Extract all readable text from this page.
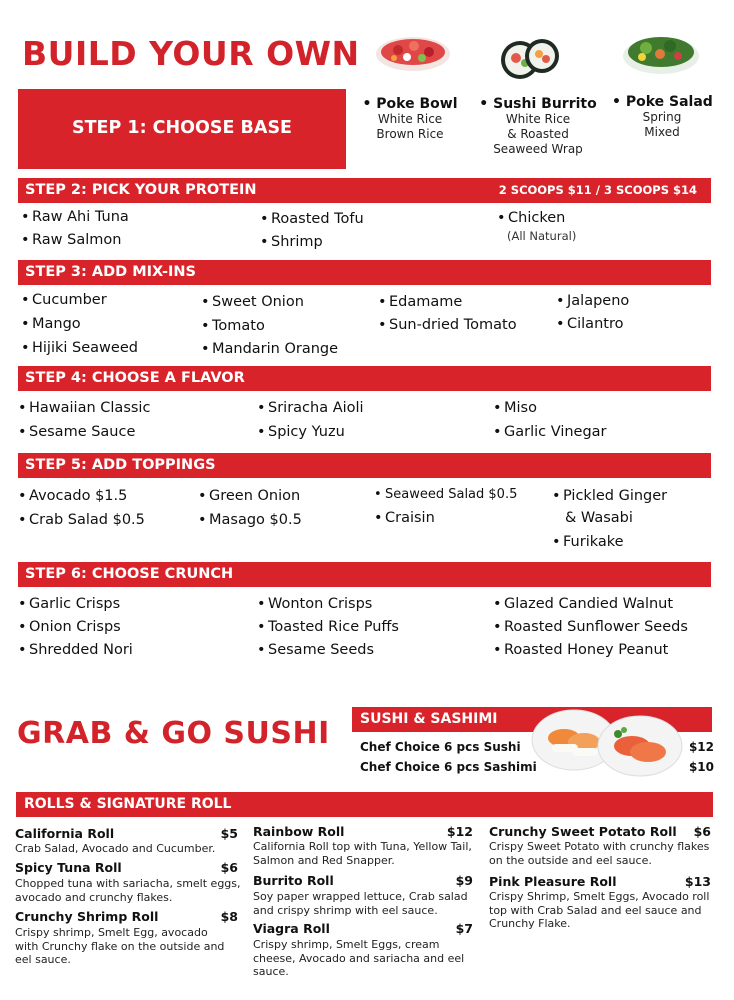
BUILD YOUR OWN
STEP 1: CHOOSE BASE
• Poke Bowl
White Rice
Brown Rice
• Sushi Burrito
White Rice
& Roasted
Seaweed Wrap
• Poke Salad
Spring
Mixed
STEP 2: PICK YOUR PROTEIN	2 SCOOPS $11 / 3 SCOOPS $14
• Raw Ahi Tuna
• Raw Salmon
• Roasted Tofu
• Shrimp
• Chicken
(All Natural)
STEP 3: ADD MIX-INS
• Cucumber
• Mango
• Hijiki Seaweed
• Sweet Onion
• Tomato
• Mandarin Orange
• Edamame
• Sun-dried Tomato
• Jalapeno
• Cilantro
STEP 4: CHOOSE A FLAVOR
• Hawaiian Classic
• Sesame Sauce
• Sriracha Aioli
• Spicy Yuzu
• Miso
• Garlic Vinegar
STEP 5: ADD TOPPINGS
• Avocado $1.5
• Crab Salad $0.5
• Green Onion
• Masago $0.5
• Seaweed Salad $0.5
• Craisin
• Pickled Ginger
& Wasabi
• Furikake
STEP 6: CHOOSE CRUNCH
• Garlic Crisps
• Onion Crisps
• Shredded Nori
• Wonton Crisps
• Toasted Rice Puffs
• Sesame Seeds
• Glazed Candied Walnut
• Roasted Sunflower Seeds
• Roasted Honey Peanut
GRAB & GO SUSHI SUSHI & SASHIMI
Chef Choice 6 pcs Sushi	$12
Chef Choice 6 pcs Sashimi	$10
ROLLS & SIGNATURE ROLL
California Roll	$5
Crab Salad, Avocado and Cucumber.
Spicy Tuna Roll	$6
Chopped tuna with sariacha, smelt eggs, avocado and crunchy flakes.
Crunchy Shrimp Roll	$8
Crispy shrimp, Smelt Egg, avocado with Crunchy flake on the outside and eel sauce.
Rainbow Roll	$12
California Roll top with Tuna, Yellow Tail, Salmon and Red Snapper.
Burrito Roll	$9
Soy paper wrapped lettuce, Crab salad and crispy shrimp with eel sauce.
Viagra Roll	$7
Crispy shrimp, Smelt Eggs, cream cheese, Avocado and sariacha and eel sauce.
Crunchy Sweet Potato Roll	$6
Crispy Sweet Potato with crunchy flakes on the outside and eel sauce.
Pink Pleasure Roll	$13
Crispy Shrimp, Smelt Eggs, Avocado roll top with Crab Salad and eel sauce and Crunchy Flake.
